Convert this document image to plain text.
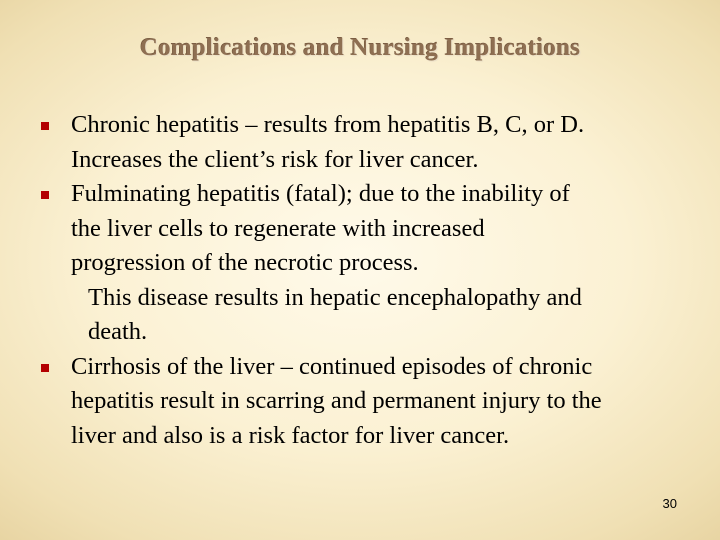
Complications and Nursing Implications
Chronic hepatitis – results from hepatitis B, C, or D.
Increases the client’s risk for liver cancer.
Fulminating hepatitis (fatal); due to the inability of
the liver cells to regenerate with increased
progression of the necrotic process.
This disease results in hepatic encephalopathy and
death.
Cirrhosis of the liver – continued episodes of chronic
hepatitis result in scarring and permanent injury to the
liver and also is a risk factor for liver cancer.
30
